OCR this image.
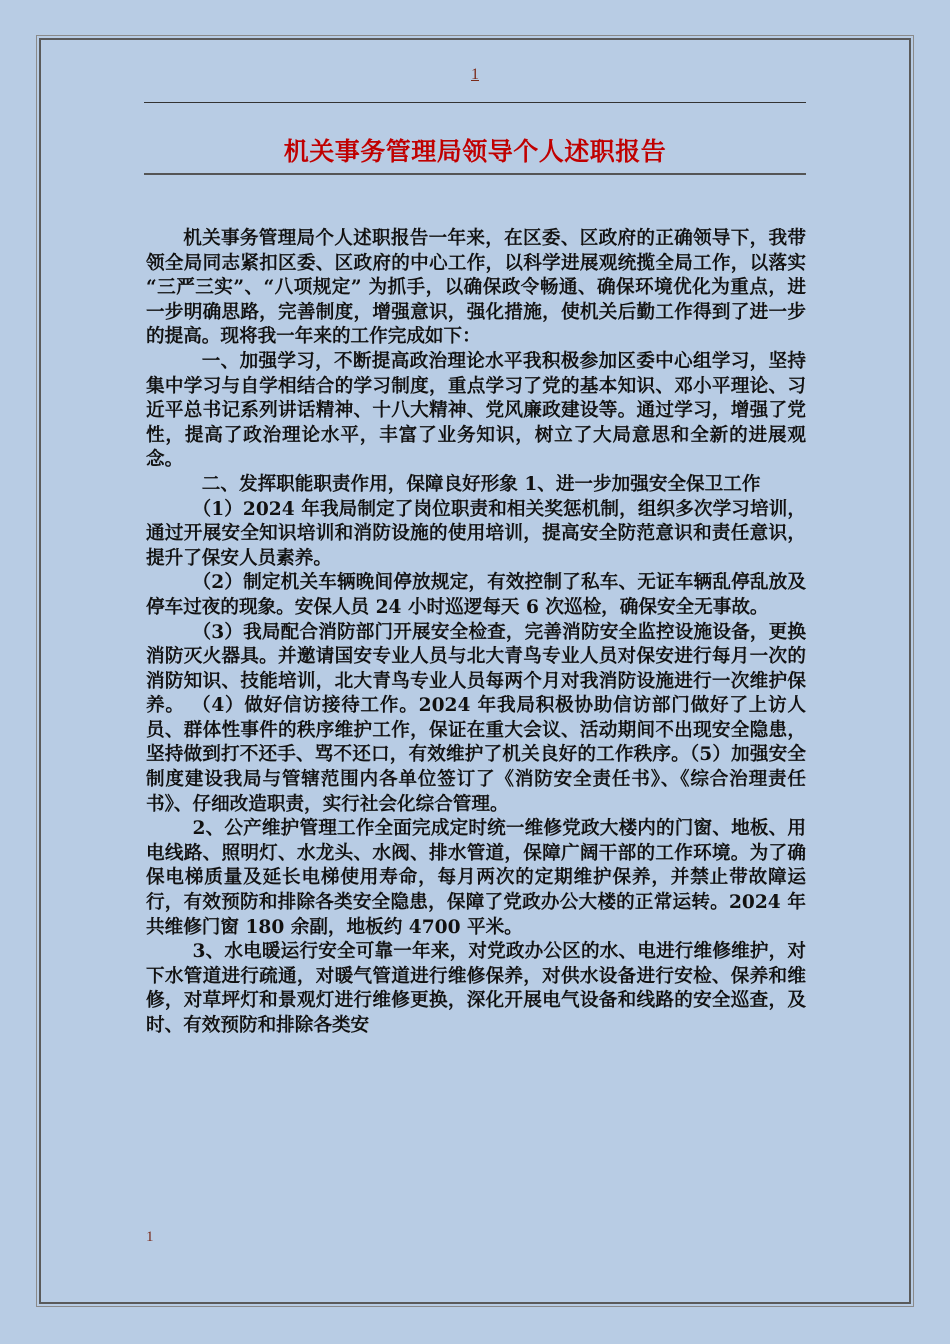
1
机关事务管理局领导个人述职报告

机关事务管理局个人述职报告一年来，在区委、区政府的正确领导下，我带领全局同志紧扣区委、区政府的中心工作，以科学进展观统揽全局工作，以落实 “三严三实”、“八项规定” 为抓手，以确保政令畅通、确保环境优化为重点，进一步明确思路，完善制度，增强意识，强化措施，使机关后勤工作得到了进一步的提高。现将我一年来的工作完成如下：

一、加强学习，不断提高政治理论水平我积极参加区委中心组学习，坚持集中学习与自学相结合的学习制度，重点学习了党的基本知识、邓小平理论、习近平总书记系列讲话精神、十八大精神、党风廉政建设等。通过学习，增强了党性，提高了政治理论水平，丰富了业务知识，树立了大局意思和全新的进展观念。

二、发挥职能职责作用，保障良好形象 1、进一步加强安全保卫工作

（1）2024 年我局制定了岗位职责和相关奖惩机制，组织多次学习培训，通过开展安全知识培训和消防设施的使用培训，提高安全防范意识和责任意识， 提升了保安人员素养。

（2）制定机关车辆晚间停放规定，有效控制了私车、无证车辆乱停乱放及停车过夜的现象。安保人员 24 小时巡逻每天 6 次巡检，确保安全无事故。

（3）我局配合消防部门开展安全检查，完善消防安全监控设施设备，更换消防灭火器具。并邀请国安专业人员与北大青鸟专业人员对保安进行每月一次的消防知识、技能培训，北大青鸟专业人员每两个月对我消防设施进行一次维护保养。 （4）做好信访接待工作。2024 年我局积极协助信访部门做好了上访人员、群体性事件的秩序维护工作，保证在重大会议、活动期间不出现安全隐患，坚持做到打不还手、骂不还口，有效维护了机关良好的工作秩序。（5）加强安全制度建设我局与管辖范围内各单位签订了《消防安全责任书》、《综合治理责任书》、仔细改造职责，实行社会化综合管理。

2、公产维护管理工作全面完成定时统一维修党政大楼内的门窗、地板、用电线路、照明灯、水龙头、水阀、排水管道，保障广阔干部的工作环境。为了确保电梯质量及延长电梯使用寿命，每月两次的定期维护保养，并禁止带故障运行，有效预防和排除各类安全隐患，保障了党政办公大楼的正常运转。2024 年共维修门窗 180 余副，地板约 4700 平米。

3、水电暖运行安全可靠一年来，对党政办公区的水、电进行维修维护，对下水管道进行疏通，对暖气管道进行维修保养，对供水设备进行安检、保养和维修，对草坪灯和景观灯进行维修更换，深化开展电气设备和线路的安全巡查，及时、有效预防和排除各类安

1
